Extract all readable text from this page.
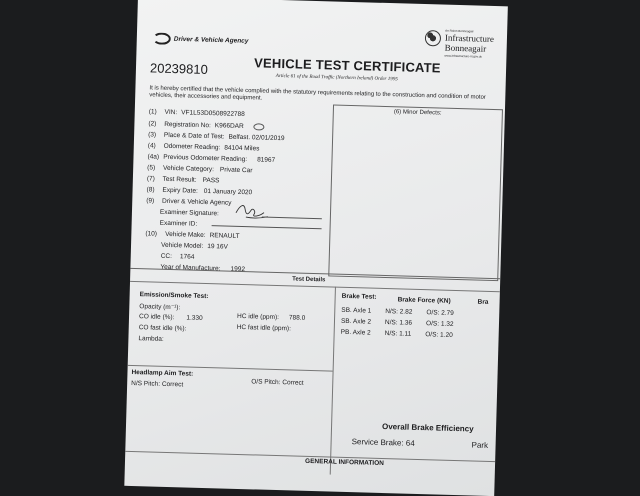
Driver & Vehicle Agency
An Roinn Bonneagair
Infrastructure
Bonneagair
www.infrastructure-ni.gov.uk
20239810	VEHICLE TEST CERTIFICATE
Article 61 of the Road Traffic (Northern Ireland) Order 1995
It is hereby certified that the vehicle complied with the statutory requirements relating to the construction and condition of motor vehicles, their accessories and equipment.
(1) VIN: VF1L53D0508922788
(2) Registration No: K966DAR
(3) Place & Date of Test: Belfast. 02/01/2019
(4) Odometer Reading: 84104 Miles
(4a) Previous Odometer Reading: 81967
(5) Vehicle Category: Private Car
(7) Test Result: PASS
(8) Expiry Date: 01 January 2020
(9) Driver & Vehicle Agency
Examiner Signature:
Examiner ID:
(10) Vehicle Make: RENAULT
Vehicle Model: 19 16V
CC: 1764
Year of Manufacture: 1992
(6) Minor Defects:
Test Details
Emission/Smoke Test:
Opacity (m⁻¹):
CO idle (%): 1.330
CO fast idle (%):
Lambda:
HC idle (ppm): 788.0
HC fast idle (ppm):
Headlamp Aim Test:
N/S Pitch: Correct	O/S Pitch: Correct
Brake Test:	Brake Force (KN)	Bra
SB. Axle 1 N/S: 2.82 O/S: 2.79
SB. Axle 2 N/S: 1.36 O/S: 1.32
PB. Axle 2 N/S: 1.11 O/S: 1.20
Overall Brake Efficiency
Service Brake: 64	Park
GENERAL INFORMATION
